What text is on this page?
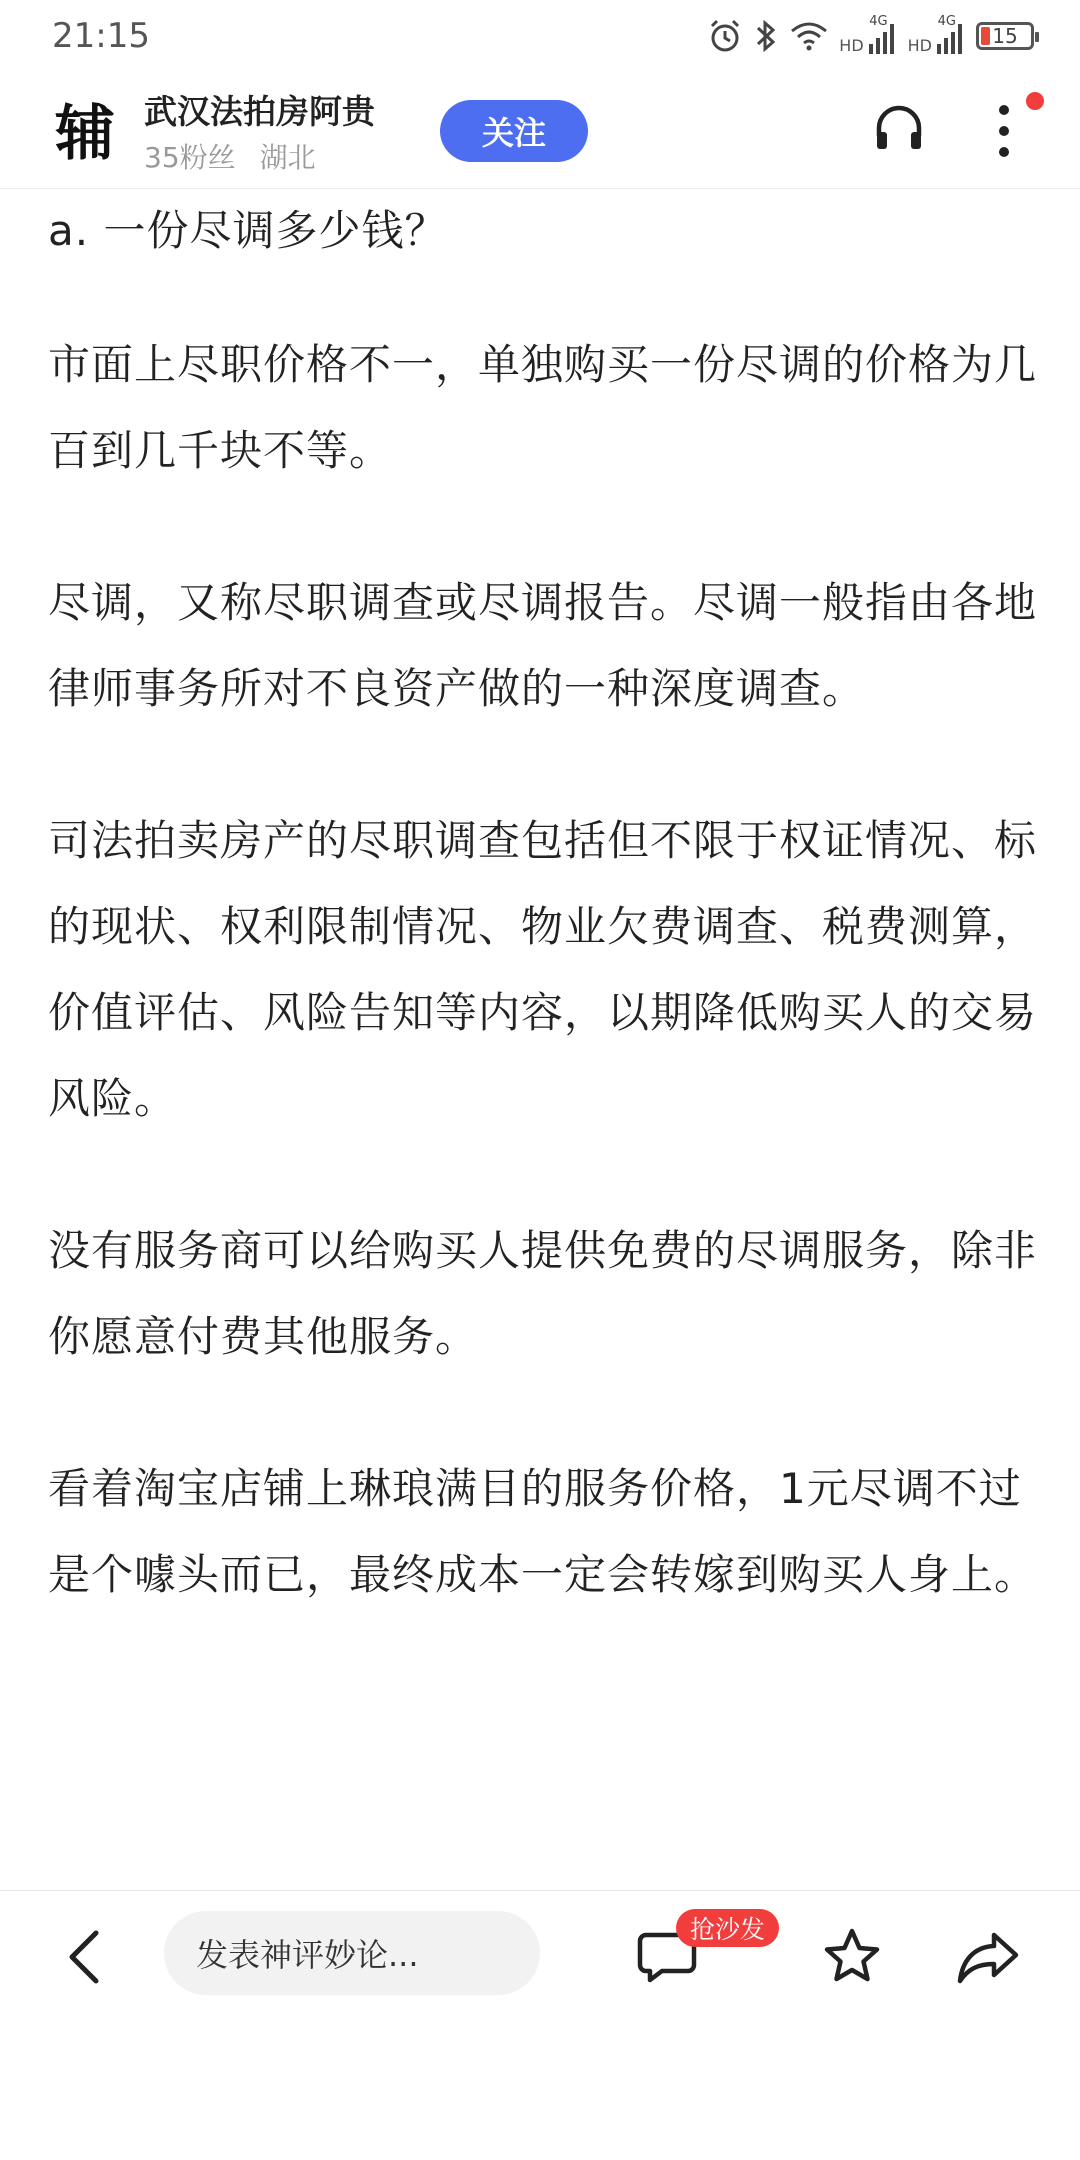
21:15	HD
4G
HD
4G
15
辅 武汉法拍房阿贵
35粉丝 湖北
关注

a. 一份尽调多少钱？

市面上尽职价格不一，单独购买一份尽调的价格为几百到几千块不等。

尽调，又称尽职调查或尽调报告。尽调一般指由各地律师事务所对不良资产做的一种深度调查。

司法拍卖房产的尽职调查包括但不限于权证情况、标的现状、权利限制情况、物业欠费调查、税费测算，价值评估、风险告知等内容，以期降低购买人的交易风险。

没有服务商可以给购买人提供免费的尽调服务，除非你愿意付费其他服务。

看着淘宝店铺上琳琅满目的服务价格，1元尽调不过是个噱头而已，最终成本一定会转嫁到购买人身上。

发表神评妙论...
抢沙发
